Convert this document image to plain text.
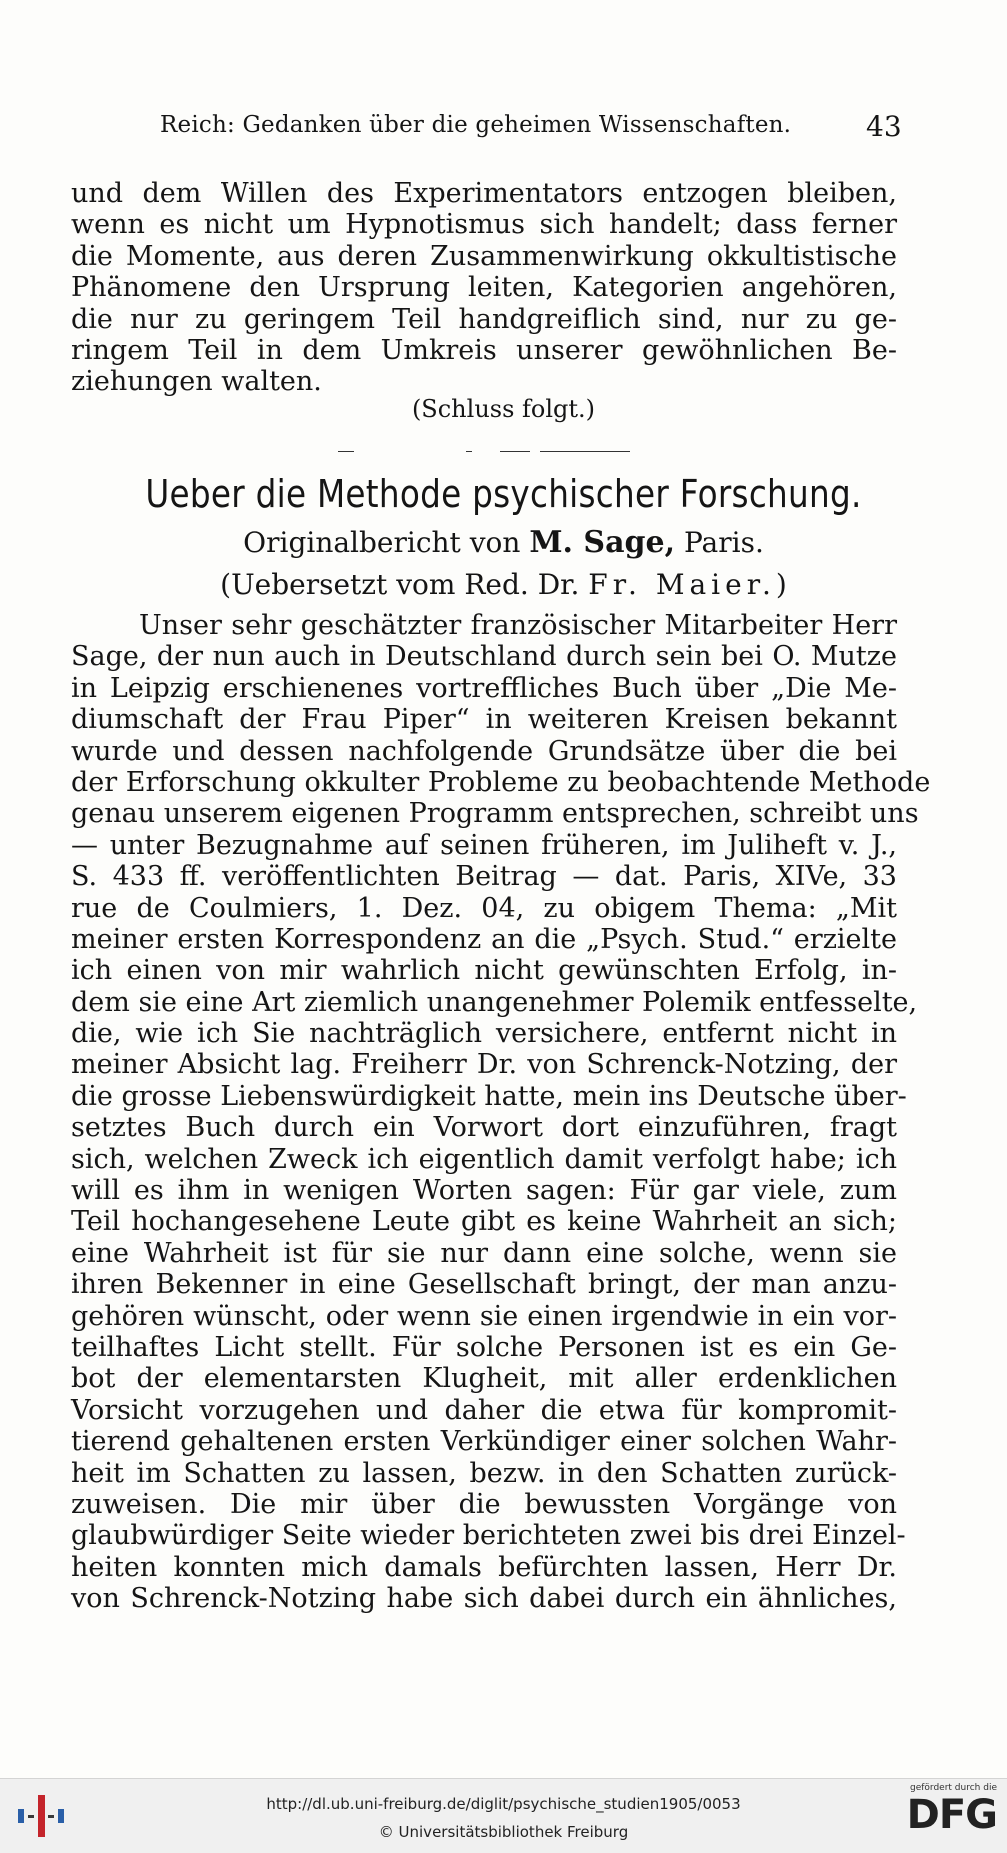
Reich: Gedanken über die geheimen Wissenschaften.	43
und dem Willen des Experimentators entzogen bleiben,
wenn es nicht um Hypnotismus sich handelt; dass ferner
die Momente, aus deren Zusammenwirkung okkultistische
Phänomene den Ursprung leiten, Kategorien angehören,
die nur zu geringem Teil handgreiflich sind, nur zu ge-
ringem Teil in dem Umkreis unserer gewöhnlichen Be-
ziehungen walten.
(Schluss folgt.)
Ueber die Methode psychischer Forschung.
Originalbericht von M. Sage, Paris.
(Uebersetzt vom Red. Dr. Fr. Maier.)
Unser sehr geschätzter französischer Mitarbeiter Herr
Sage, der nun auch in Deutschland durch sein bei O. Mutze
in Leipzig erschienenes vortreffliches Buch über „Die Me-
diumschaft der Frau Piper“ in weiteren Kreisen bekannt
wurde und dessen nachfolgende Grundsätze über die bei
der Erforschung okkulter Probleme zu beobachtende Methode
genau unserem eigenen Programm entsprechen, schreibt uns
— unter Bezugnahme auf seinen früheren, im Juliheft v. J.,
S. 433 ff. veröffentlichten Beitrag — dat. Paris, XIVe, 33
rue de Coulmiers, 1. Dez. 04, zu obigem Thema: „Mit
meiner ersten Korrespondenz an die „Psych. Stud.“ erzielte
ich einen von mir wahrlich nicht gewünschten Erfolg, in-
dem sie eine Art ziemlich unangenehmer Polemik entfesselte,
die, wie ich Sie nachträglich versichere, entfernt nicht in
meiner Absicht lag. Freiherr Dr. von Schrenck-Notzing, der
die grosse Liebenswürdigkeit hatte, mein ins Deutsche über-
setztes Buch durch ein Vorwort dort einzuführen, fragt
sich, welchen Zweck ich eigentlich damit verfolgt habe; ich
will es ihm in wenigen Worten sagen: Für gar viele, zum
Teil hochangesehene Leute gibt es keine Wahrheit an sich;
eine Wahrheit ist für sie nur dann eine solche, wenn sie
ihren Bekenner in eine Gesellschaft bringt, der man anzu-
gehören wünscht, oder wenn sie einen irgendwie in ein vor-
teilhaftes Licht stellt. Für solche Personen ist es ein Ge-
bot der elementarsten Klugheit, mit aller erdenklichen
Vorsicht vorzugehen und daher die etwa für kompromit-
tierend gehaltenen ersten Verkündiger einer solchen Wahr-
heit im Schatten zu lassen, bezw. in den Schatten zurück-
zuweisen. Die mir über die bewussten Vorgänge von
glaubwürdiger Seite wieder berichteten zwei bis drei Einzel-
heiten konnten mich damals befürchten lassen, Herr Dr.
von Schrenck-Notzing habe sich dabei durch ein ähnliches,
http://dl.ub.uni-freiburg.de/diglit/psychische_studien1905/0053
© Universitätsbibliothek Freiburg
gefördert durch die
DFG
